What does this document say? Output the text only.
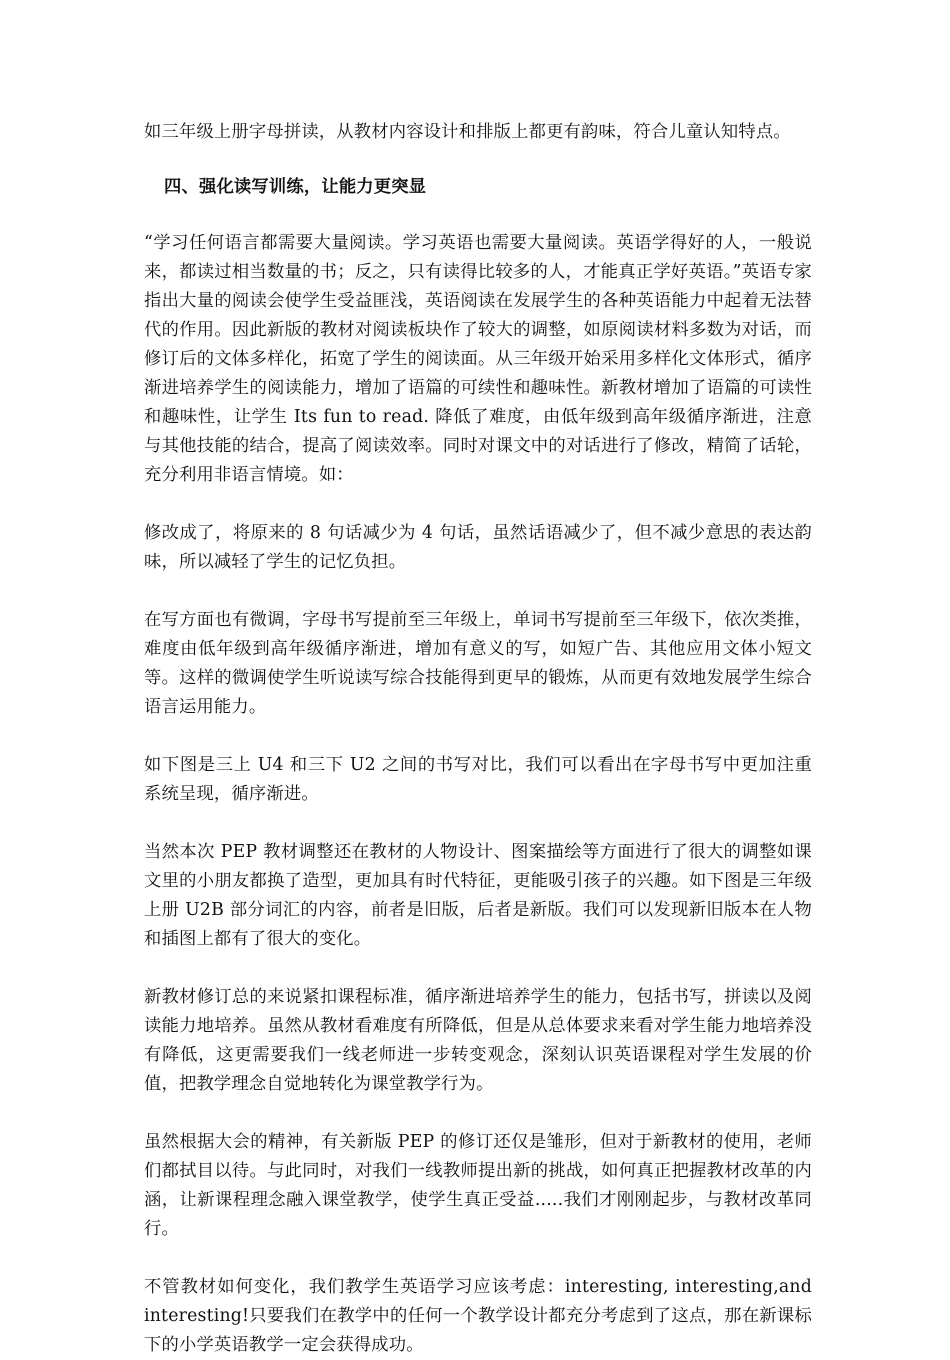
如三年级上册字母拼读，从教材内容设计和排版上都更有韵味，符合儿童认知特点。

四、强化读写训练，让能力更突显

“学习任何语言都需要大量阅读。学习英语也需要大量阅读。英语学得好的人，一般说来，都读过相当数量的书；反之，只有读得比较多的人，才能真正学好英语。”英语专家指出大量的阅读会使学生受益匪浅，英语阅读在发展学生的各种英语能力中起着无法替代的作用。因此新版的教材对阅读板块作了较大的调整，如原阅读材料多数为对话，而修订后的文体多样化，拓宽了学生的阅读面。从三年级开始采用多样化文体形式，循序渐进培养学生的阅读能力，增加了语篇的可续性和趣味性。新教材增加了语篇的可读性和趣味性，让学生 Its fun to read. 降低了难度，由低年级到高年级循序渐进，注意与其他技能的结合，提高了阅读效率。同时对课文中的对话进行了修改，精简了话轮，充分利用非语言情境。如：

修改成了，将原来的 8 句话减少为 4 句话，虽然话语减少了，但不减少意思的表达韵味，所以减轻了学生的记忆负担。

在写方面也有微调，字母书写提前至三年级上，单词书写提前至三年级下，依次类推，难度由低年级到高年级循序渐进，增加有意义的写，如短广告、其他应用文体小短文等。这样的微调使学生听说读写综合技能得到更早的锻炼，从而更有效地发展学生综合语言运用能力。

如下图是三上 U4 和三下 U2 之间的书写对比，我们可以看出在字母书写中更加注重系统呈现，循序渐进。

当然本次 PEP 教材调整还在教材的人物设计、图案描绘等方面进行了很大的调整如课文里的小朋友都换了造型，更加具有时代特征，更能吸引孩子的兴趣。如下图是三年级上册 U2B 部分词汇的内容，前者是旧版，后者是新版。我们可以发现新旧版本在人物和插图上都有了很大的变化。

新教材修订总的来说紧扣课程标准，循序渐进培养学生的能力，包括书写，拼读以及阅读能力地培养。虽然从教材看难度有所降低，但是从总体要求来看对学生能力地培养没有降低，这更需要我们一线老师进一步转变观念，深刻认识英语课程对学生发展的价值，把教学理念自觉地转化为课堂教学行为。

虽然根据大会的精神，有关新版 PEP 的修订还仅是雏形，但对于新教材的使用，老师们都拭目以待。与此同时，对我们一线教师提出新的挑战，如何真正把握教材改革的内涵，让新课程理念融入课堂教学，使学生真正受益.....我们才刚刚起步，与教材改革同行。

不管教材如何变化，我们教学生英语学习应该考虑：interesting, interesting,and interesting!只要我们在教学中的任何一个教学设计都充分考虑到了这点，那在新课标下的小学英语教学一定会获得成功。
